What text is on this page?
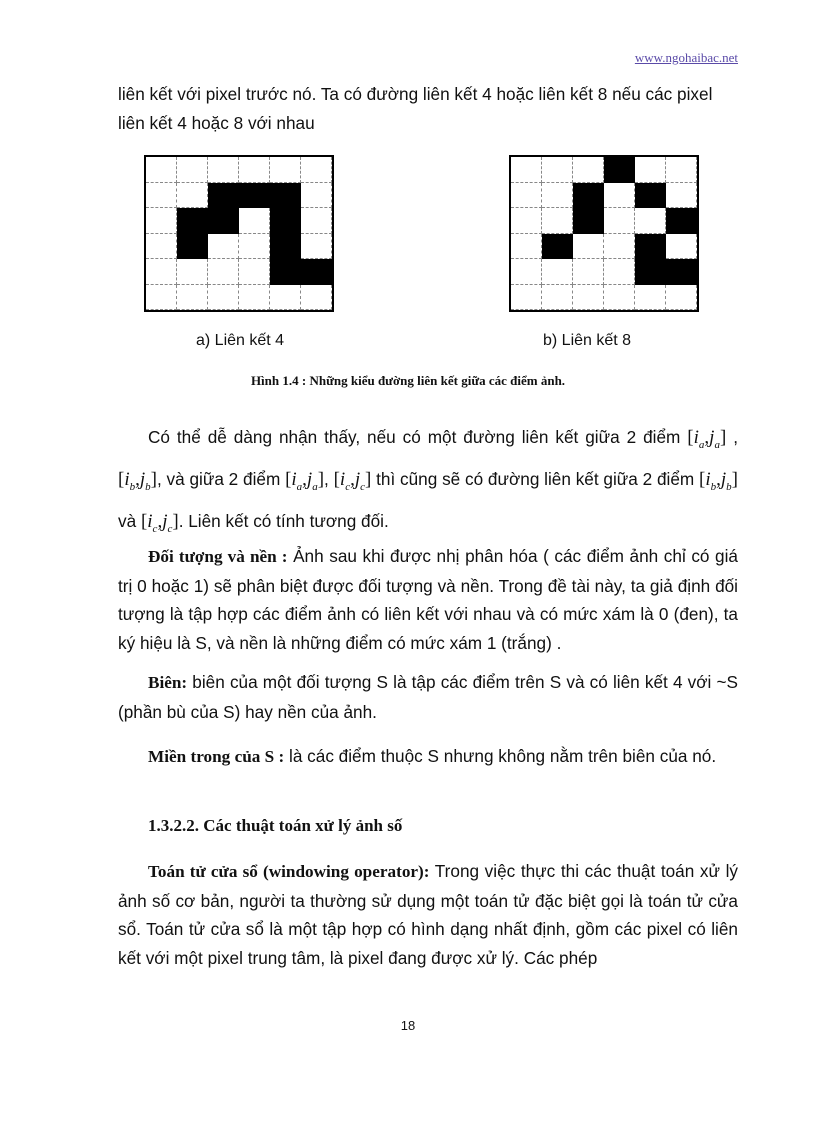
www.ngohaibac.net
liên kết với pixel trước nó. Ta có đường liên kết 4 hoặc liên kết 8 nếu các pixel
liên kết 4 hoặc 8 với nhau
a) Liên kết 4	b) Liên kết 8
Hình 1.4 : Những kiểu đường liên kết giữa các điểm ảnh.
Có thể dễ dàng nhận thấy, nếu có một đường liên kết giữa 2 điểm $[i_a,j_a]$ , $[i_b,j_b]$, và giữa 2 điểm $[i_a,j_a]$, $[i_c,j_c]$ thì cũng sẽ có đường liên kết giữa 2 điểm $[i_b,j_b]$ và $[i_c,j_c]$. Liên kết có tính tương đối.
Đối tượng và nền : Ảnh sau khi được nhị phân hóa ( các điểm ảnh chỉ có giá trị 0 hoặc 1) sẽ phân biệt được đối tượng và nền. Trong đề tài này, ta giả định đối tượng là tập hợp các điểm ảnh có liên kết với nhau và có mức xám là 0 (đen), ta ký hiệu là S, và nền là những điểm có mức xám 1 (trắng) .
Biên: biên của một đối tượng S là tập các điểm trên S và có liên kết 4 với ~S (phần bù của S) hay nền của ảnh.
Miền trong của S : là các điểm thuộc S nhưng không nằm trên biên của nó.
1.3.2.2. Các thuật toán xử lý ảnh số
Toán tử cửa sổ (windowing operator): Trong việc thực thi các thuật toán xử lý ảnh số cơ bản, người ta thường sử dụng một toán tử đặc biệt gọi là toán tử cửa sổ. Toán tử cửa sổ là một tập hợp có hình dạng nhất định, gồm các pixel có liên kết với một pixel trung tâm, là pixel đang được xử lý. Các phép
18
